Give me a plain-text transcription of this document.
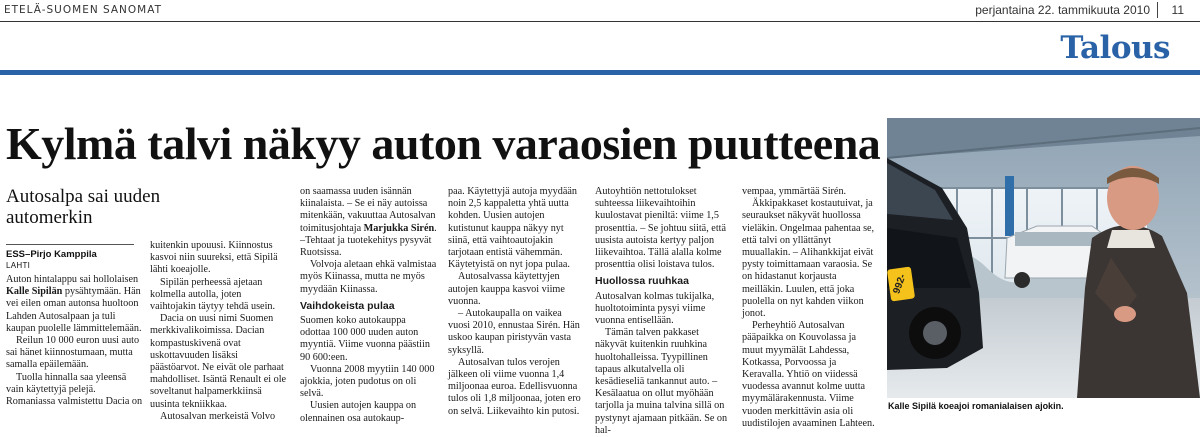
ETELÄ-SUOMEN SANOMAT	perjantaina 22. tammikuuta 2010 11
Talous
Kylmä talvi näkyy auton varaosien puutteena
Autosalpa sai uuden automerkin
ESS–Pirjo Kamppila
LAHTI

Auton hintalappu sai hollolaisen Kalle Sipilän pysähtymään. Hän vei eilen oman autonsa huoltoon Lahden Autosalpaan ja tuli kaupan puolelle lämmittelemään.

Reilun 10 000 euron uusi auto sai hänet kiinnostumaan, mutta samalla epäilemään.

Tuolla hinnalla saa yleensä vain käytettyjä pelejä. Romaniassa valmistettu Dacia on

kuitenkin upouusi. Kiinnostus kasvoi niin suureksi, että Sipilä lähti koeajolle.

Sipilän perheessä ajetaan kolmella autolla, joten vaihtojakin täytyy tehdä usein.

Dacia on uusi nimi Suomen merkkivalikoimissa. Dacian kompastuskivenä ovat uskottavuuden lisäksi päästöarvot. Ne eivät ole parhaat mahdolliset. Isäntä Renault ei ole soveltanut halpamerkkiinsä uusinta tekniikkaa.

Autosalvan merkeistä Volvo

on saamassa uuden isännän kiinalaista. – Se ei näy autoissa mitenkään, vakuuttaa Autosalvan toimitusjohtaja Marjukka Sirén. –Tehtaat ja tuotekehitys pysyvät Ruotsissa.

Volvoja aletaan ehkä valmistaa myös Kiinassa, mutta ne myös myydään Kiinassa.

Vaihdokeista pulaa

Suomen koko autokauppa odottaa 100 000 uuden auton myyntiä. Viime vuonna päästiin 90 600:een.

Vuonna 2008 myytiin 140 000 ajokkia, joten pudotus on oli selvä.

Uusien autojen kauppa on olennainen osa autokaup-

paa. Käytettyjä autoja myydään noin 2,5 kappaletta yhtä uutta kohden. Uusien autojen kutistunut kauppa näkyy nyt siinä, että vaihtoautojakin tarjotaan entistä vähemmän. Käytetyistä on nyt jopa pulaa.

Autosalvassa käytettyjen autojen kauppa kasvoi viime vuonna.

– Autokaupalla on vaikea vuosi 2010, ennustaa Sirén. Hän uskoo kaupan piristyvän vasta syksyllä.

Autosalvan tulos verojen jälkeen oli viime vuonna 1,4 miljoonaa euroa. Edellisvuonna tulos oli 1,8 miljoonaa, joten ero on selvä. Liikevaihto kin putosi.

Autoyhtiön nettotulokset suhteessa liikevaihtoihin kuulostavat pieniltä: viime 1,5 prosenttia. – Se johtuu siitä, että uusista autoista kertyy paljon liikevaihtoa. Tällä alalla kolme prosenttia olisi loistava tulos.

Huollossa ruuhkaa

Autosalvan kolmas tukijalka, huoltotoiminta pysyi viime vuonna entisellään.

Tämän talven pakkaset näkyvät kuitenkin ruuhkina huoltohalleissa. Tyypillinen tapaus alkutalvella oli kesädieseliä tankannut auto. – Kesälaatua on ollut myöhään tarjolla ja muina talvina sillä on pystynyt ajamaan pitkään. Se on hal-

vempaa, ymmärtää Sirén.

Äkkipakkaset kostautuivat, ja seuraukset näkyvät huollossa vieläkin. Ongelmaa pahentaa se, että talvi on yllättänyt muuallakin. – Alihankkijat eivät pysty toimittamaan varaosia. Se on hidastanut korjausta meilläkin. Luulen, että joka puolella on nyt kahden viikon jonot.

Perheyhtiö Autosalvan pääpaikka on Kouvolassa ja muut myymälät Lahdessa, Kotkassa, Porvoossa ja Keravalla. Yhtiö on viidessä vuodessa avannut kolme uutta myymälärakennusta. Viime vuoden merkittävin asia oli uudistilojen avaaminen Lahteen.

992-
Kalle Sipilä koeajoi romanialaisen ajokin.
